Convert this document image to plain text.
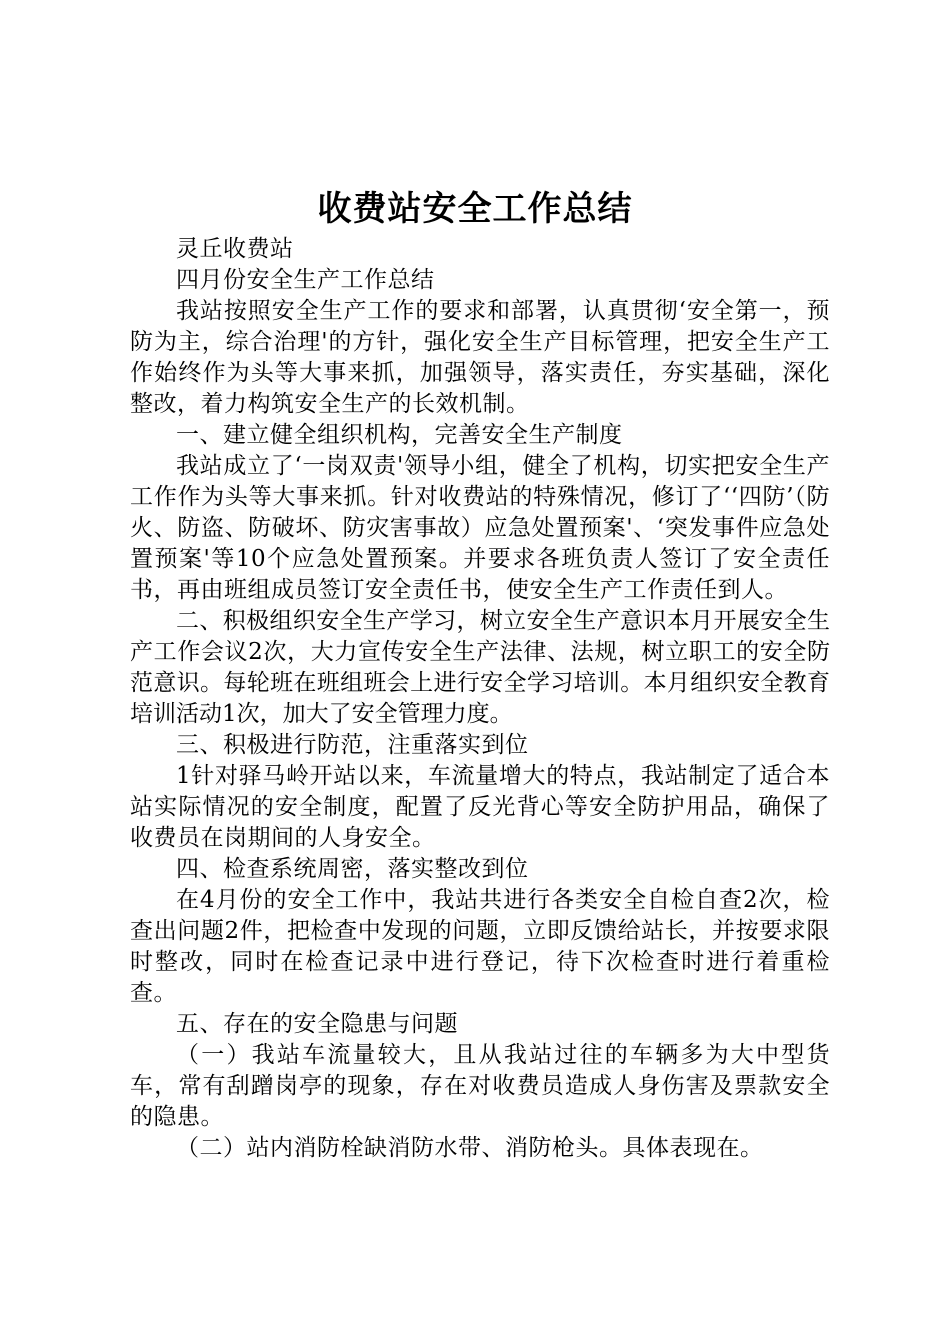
收费站安全工作总结

灵丘收费站

四月份安全生产工作总结

我站按照安全生产工作的要求和部署，认真贯彻‘安全第一，预防为主，综合治理'的方针，强化安全生产目标管理，把安全生产工作始终作为头等大事来抓，加强领导，落实责任，夯实基础，深化整改，着力构筑安全生产的长效机制。

一、建立健全组织机构，完善安全生产制度

我站成立了‘一岗双责'领导小组，健全了机构，切实把安全生产工作作为头等大事来抓。针对收费站的特殊情况，修订了‘‘四防’（防火、防盗、防破坏、防灾害事故）应急处置预案'、‘突发事件应急处置预案'等10个应急处置预案。并要求各班负责人签订了安全责任书，再由班组成员签订安全责任书，使安全生产工作责任到人。

二、积极组织安全生产学习，树立安全生产意识本月开展安全生产工作会议2次，大力宣传安全生产法律、法规，树立职工的安全防范意识。每轮班在班组班会上进行安全学习培训。本月组织安全教育培训活动1次，加大了安全管理力度。

三、积极进行防范，注重落实到位

1针对驿马岭开站以来，车流量增大的特点，我站制定了适合本站实际情况的安全制度，配置了反光背心等安全防护用品，确保了收费员在岗期间的人身安全。

四、检查系统周密，落实整改到位

在4月份的安全工作中，我站共进行各类安全自检自查2次，检查出问题2件，把检查中发现的问题，立即反馈给站长，并按要求限时整改，同时在检查记录中进行登记，待下次检查时进行着重检查。

五、存在的安全隐患与问题

（一）我站车流量较大，且从我站过往的车辆多为大中型货车，常有刮蹭岗亭的现象，存在对收费员造成人身伤害及票款安全的隐患。

（二）站内消防栓缺消防水带、消防枪头。具体表现在。
